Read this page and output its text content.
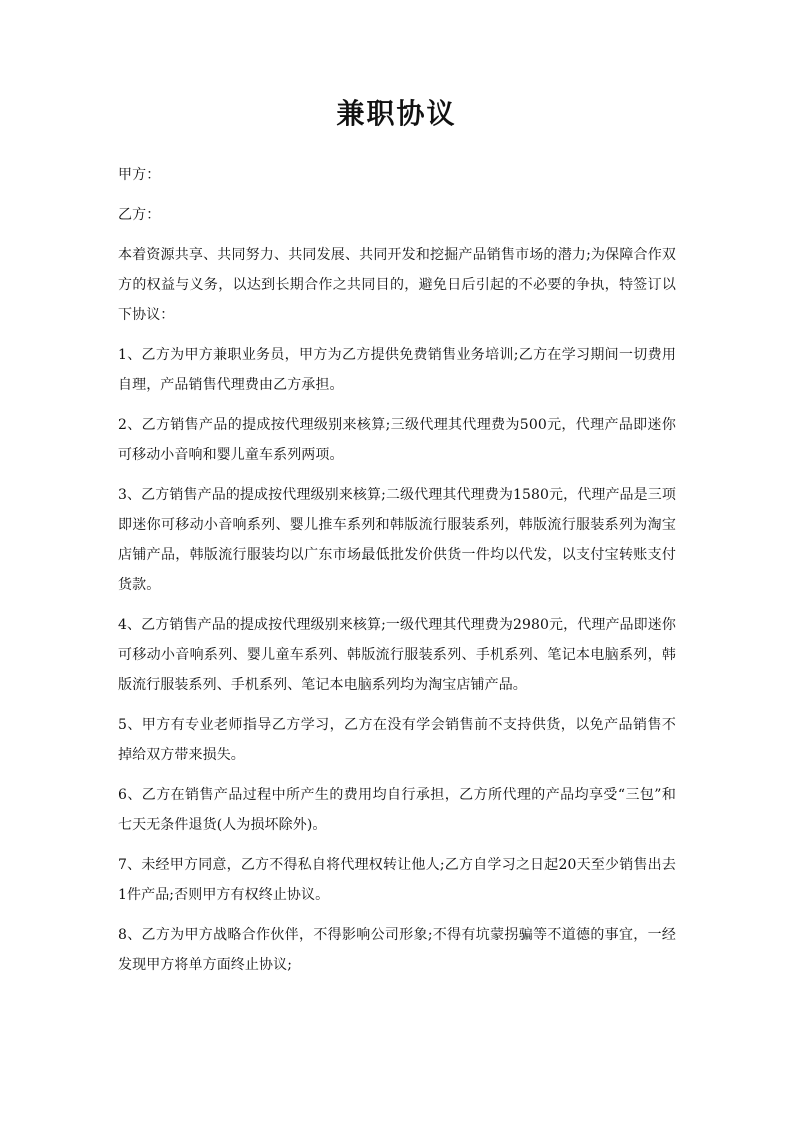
兼职协议

甲方：

乙方：

本着资源共享、共同努力、共同发展、共同开发和挖掘产品销售市场的潜力;为保障合作双方的权益与义务，以达到长期合作之共同目的，避免日后引起的不必要的争执，特签订以下协议：

1、乙方为甲方兼职业务员，甲方为乙方提供免费销售业务培训;乙方在学习期间一切费用自理，产品销售代理费由乙方承担。

2、乙方销售产品的提成按代理级别来核算;三级代理其代理费为500元，代理产品即迷你可移动小音响和婴儿童车系列两项。

3、乙方销售产品的提成按代理级别来核算;二级代理其代理费为1580元，代理产品是三项即迷你可移动小音响系列、婴儿推车系列和韩版流行服装系列，韩版流行服装系列为淘宝店铺产品，韩版流行服装均以广东市场最低批发价供货一件均以代发，以支付宝转账支付货款。

4、乙方销售产品的提成按代理级别来核算;一级代理其代理费为2980元，代理产品即迷你可移动小音响系列、婴儿童车系列、韩版流行服装系列、手机系列、笔记本电脑系列，韩版流行服装系列、手机系列、笔记本电脑系列均为淘宝店铺产品。

5、甲方有专业老师指导乙方学习，乙方在没有学会销售前不支持供货，以免产品销售不掉给双方带来损失。

6、乙方在销售产品过程中所产生的费用均自行承担，乙方所代理的产品均享受“三包”和七天无条件退货(人为损坏除外)。

7、未经甲方同意，乙方不得私自将代理权转让他人;乙方自学习之日起20天至少销售出去1件产品;否则甲方有权终止协议。

8、乙方为甲方战略合作伙伴，不得影响公司形象;不得有坑蒙拐骗等不道德的事宜，一经发现甲方将单方面终止协议;
